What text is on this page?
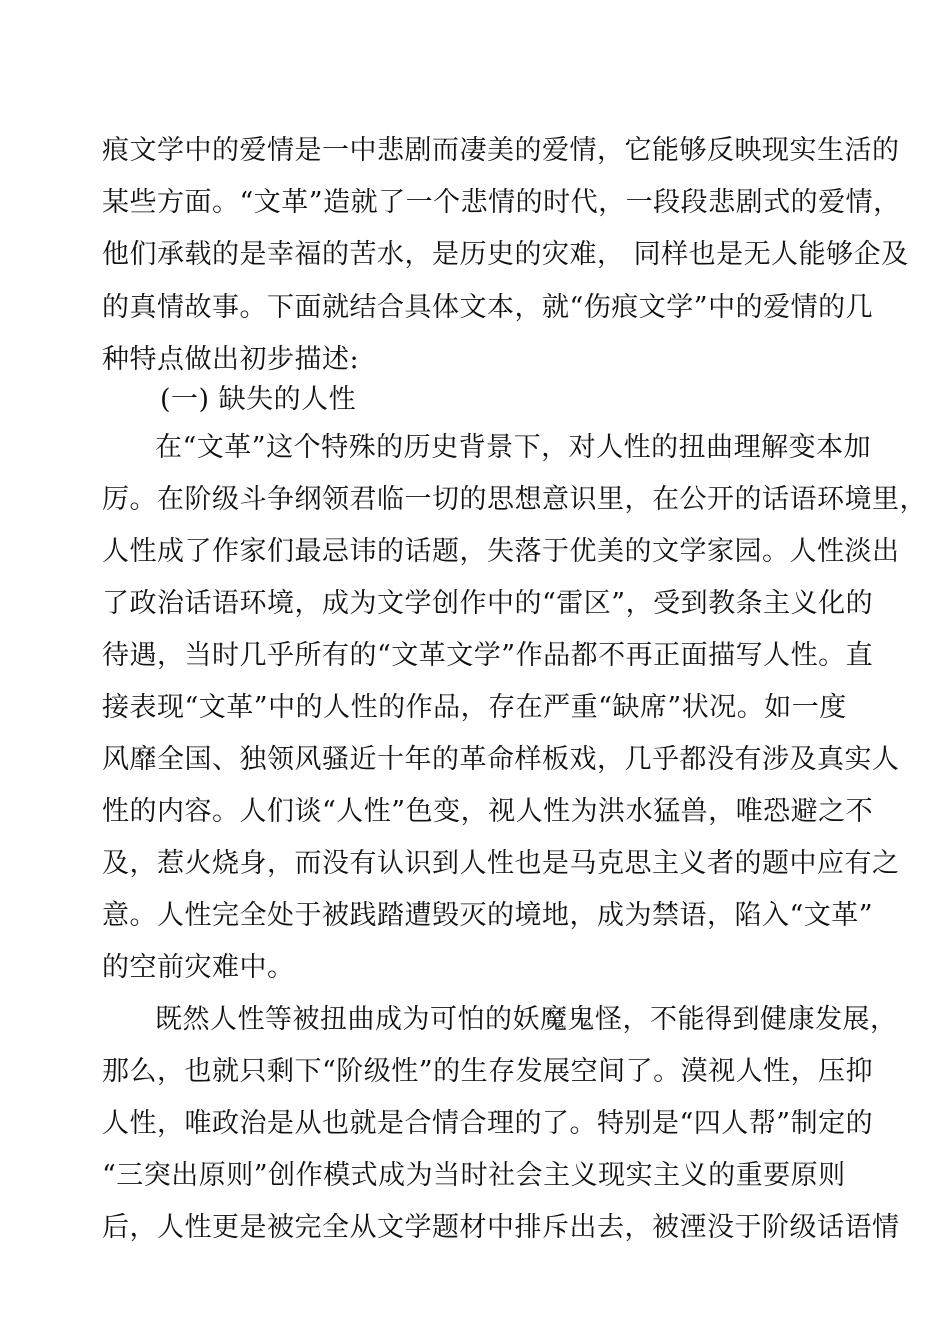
痕文学中的爱情是一中悲剧而凄美的爱情，它能够反映现实生活的
某些方面。“文革”造就了一个悲情的时代，一段段悲剧式的爱情，
他们承载的是幸福的苦水，是历史的灾难， 同样也是无人能够企及
的真情故事。下面就结合具体文本，就“伤痕文学”中的爱情的几
种特点做出初步描述:
(一) 缺失的人性
在“文革”这个特殊的历史背景下，对人性的扭曲理解变本加
厉。在阶级斗争纲领君临一切的思想意识里，在公开的话语环境里，
人性成了作家们最忌讳的话题，失落于优美的文学家园。人性淡出
了政治话语环境，成为文学创作中的“雷区”，受到教条主义化的
待遇，当时几乎所有的“文革文学”作品都不再正面描写人性。直
接表现“文革”中的人性的作品，存在严重“缺席”状况。如一度
风靡全国、独领风骚近十年的革命样板戏，几乎都没有涉及真实人
性的内容。人们谈“人性”色变，视人性为洪水猛兽，唯恐避之不
及，惹火烧身，而没有认识到人性也是马克思主义者的题中应有之
意。人性完全处于被践踏遭毁灭的境地，成为禁语，陷入“文革”
的空前灾难中。
既然人性等被扭曲成为可怕的妖魔鬼怪，不能得到健康发展，
那么，也就只剩下“阶级性”的生存发展空间了。漠视人性，压抑
人性，唯政治是从也就是合情合理的了。特别是“四人帮”制定的
“三突出原则”创作模式成为当时社会主义现实主义的重要原则
后，人性更是被完全从文学题材中排斥出去，被湮没于阶级话语情
